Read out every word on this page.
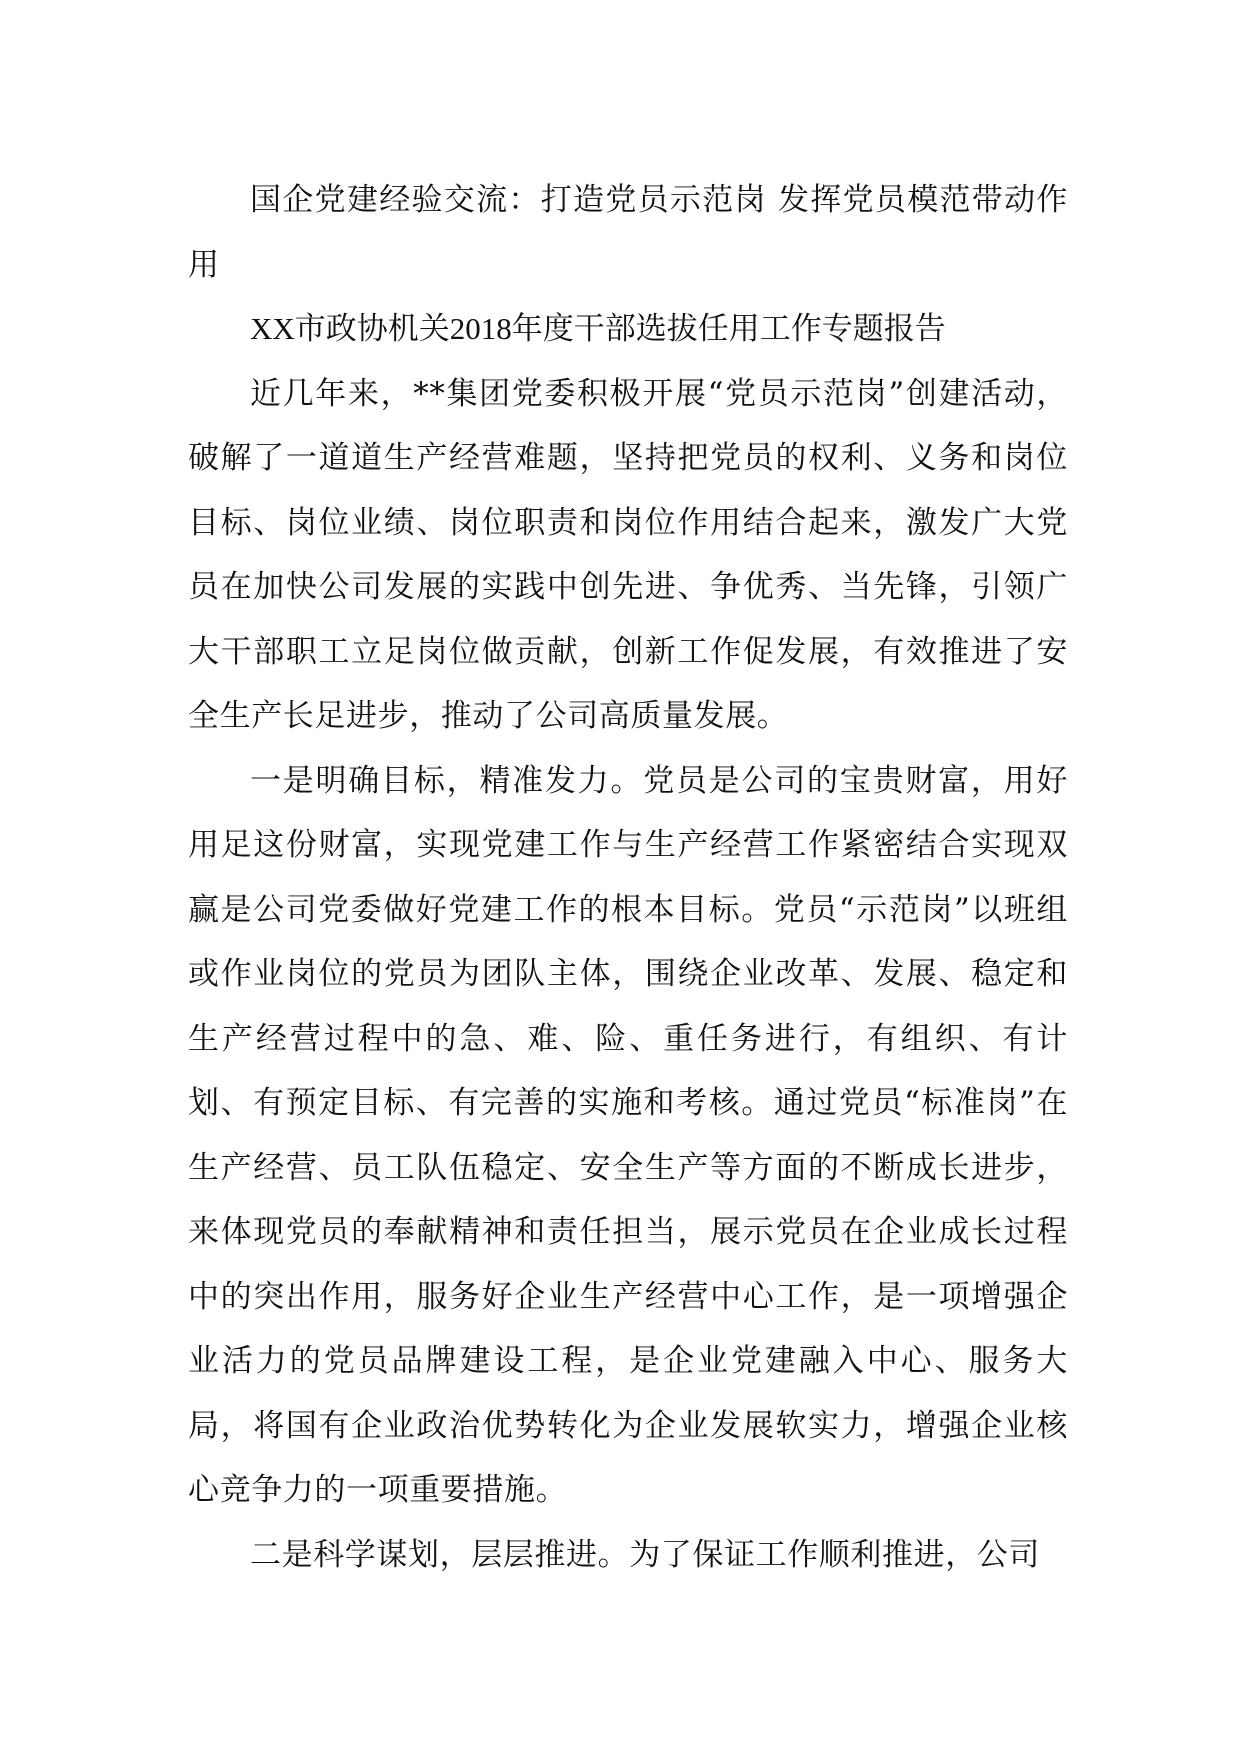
国企党建经验交流：打造党员示范岗 发挥党员模范带动作用

XX市政协机关2018年度干部选拔任用工作专题报告

近几年来，**集团党委积极开展“党员示范岗”创建活动，破解了一道道生产经营难题，坚持把党员的权利、义务和岗位目标、岗位业绩、岗位职责和岗位作用结合起来，激发广大党员在加快公司发展的实践中创先进、争优秀、当先锋，引领广大干部职工立足岗位做贡献，创新工作促发展，有效推进了安全生产长足进步，推动了公司高质量发展。

一是明确目标，精准发力。党员是公司的宝贵财富，用好用足这份财富，实现党建工作与生产经营工作紧密结合实现双赢是公司党委做好党建工作的根本目标。党员“示范岗”以班组或作业岗位的党员为团队主体，围绕企业改革、发展、稳定和生产经营过程中的急、难、险、重任务进行，有组织、有计划、有预定目标、有完善的实施和考核。通过党员“标准岗”在生产经营、员工队伍稳定、安全生产等方面的不断成长进步，来体现党员的奉献精神和责任担当，展示党员在企业成长过程中的突出作用，服务好企业生产经营中心工作，是一项增强企业活力的党员品牌建设工程，是企业党建融入中心、服务大局，将国有企业政治优势转化为企业发展软实力，增强企业核心竞争力的一项重要措施。

二是科学谋划，层层推进。为了保证工作顺利推进，公司
